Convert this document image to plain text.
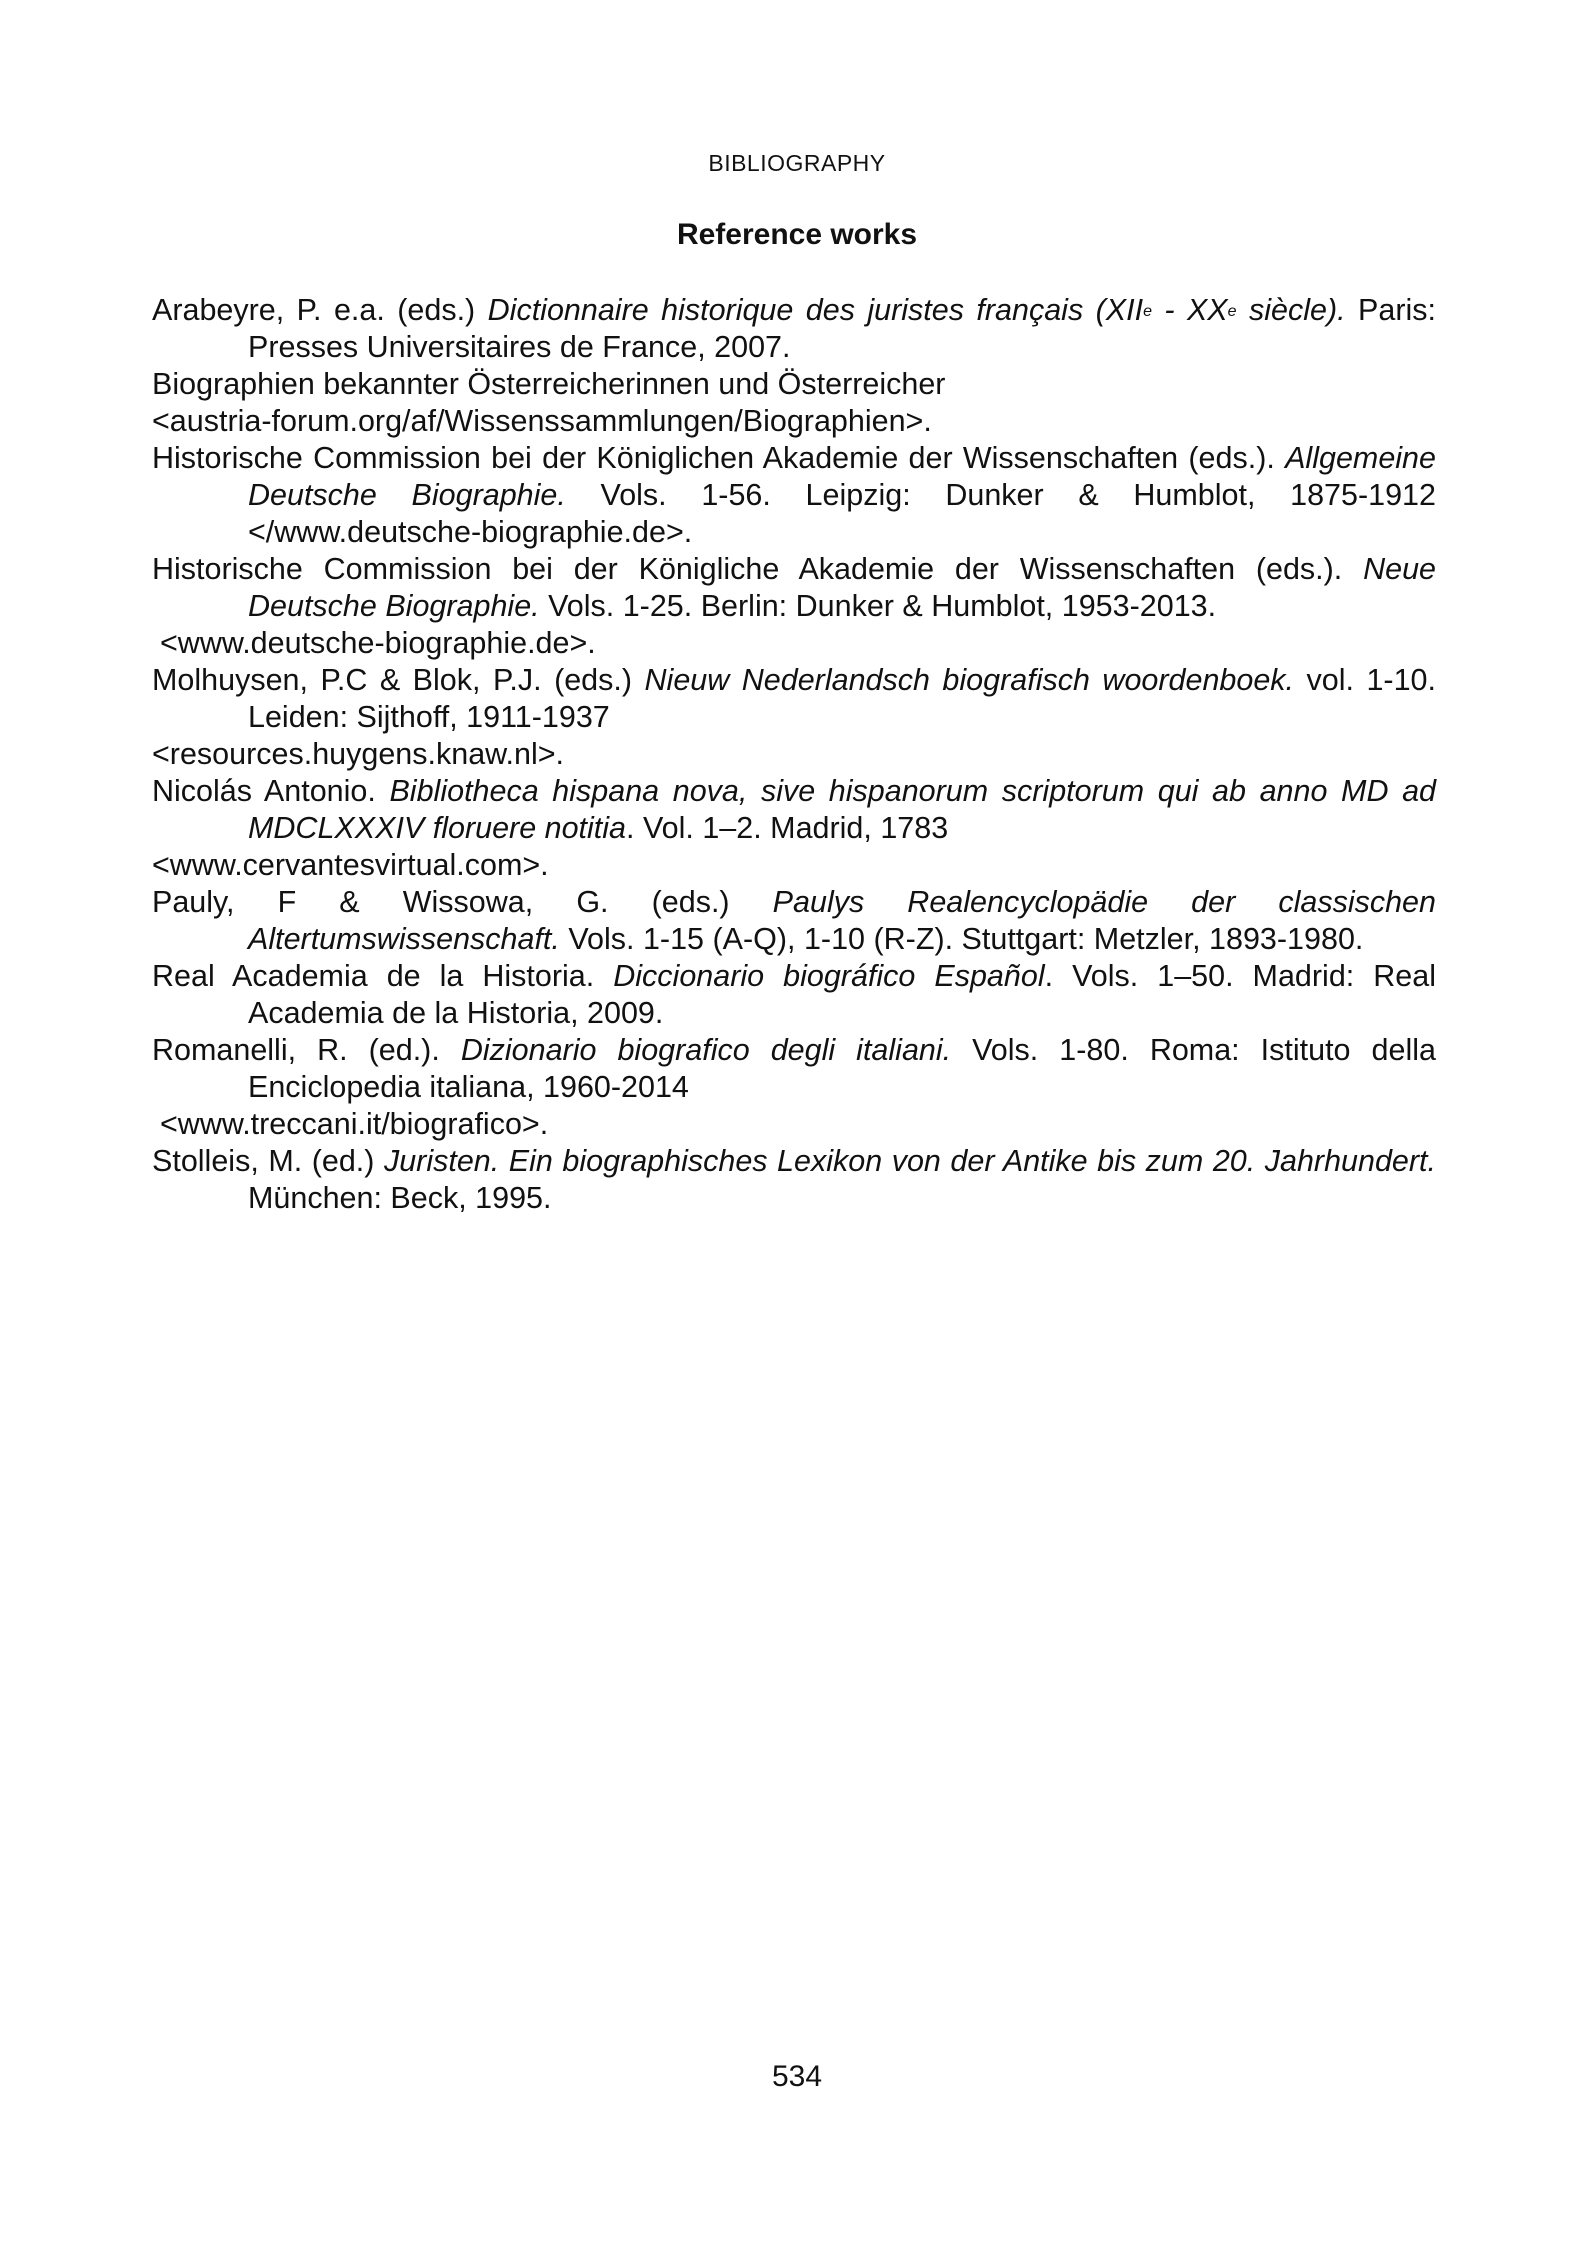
BIBLIOGRAPHY
Reference works

Arabeyre, P. e.a. (eds.) Dictionnaire historique des juristes français (XIIe - XXe siècle). Paris: Presses Universitaires de France, 2007.

Biographien bekannter Österreicherinnen und Österreicher
<austria-forum.org/af/Wissenssammlungen/Biographien>.

Historische Commission bei der Königlichen Akademie der Wissenschaften (eds.). Allgemeine Deutsche Biographie. Vols. 1-56. Leipzig: Dunker & Humblot, 1875-1912 </www.deutsche-biographie.de>.

Historische Commission bei der Königliche Akademie der Wissenschaften (eds.). Neue Deutsche Biographie. Vols. 1-25. Berlin: Dunker & Humblot, 1953-2013.
<www.deutsche-biographie.de>.

Molhuysen, P.C & Blok, P.J. (eds.) Nieuw Nederlandsch biografisch woordenboek. vol. 1-10. Leiden: Sijthoff, 1911-1937
<resources.huygens.knaw.nl>.

Nicolás Antonio. Bibliotheca hispana nova, sive hispanorum scriptorum qui ab anno MD ad MDCLXXXIV floruere notitia. Vol. 1–2. Madrid, 1783
<www.cervantesvirtual.com>.

Pauly, F & Wissowa, G. (eds.) Paulys Realencyclopädie der classischen Altertumswissenschaft. Vols. 1-15 (A-Q), 1-10 (R-Z). Stuttgart: Metzler, 1893-1980.

Real Academia de la Historia. Diccionario biográfico Español. Vols. 1–50. Madrid: Real Academia de la Historia, 2009.

Romanelli, R. (ed.). Dizionario biografico degli italiani. Vols. 1-80. Roma: Istituto della Enciclopedia italiana, 1960-2014
<www.treccani.it/biografico>.

Stolleis, M. (ed.) Juristen. Ein biographisches Lexikon von der Antike bis zum 20. Jahrhundert. München: Beck, 1995.

534
